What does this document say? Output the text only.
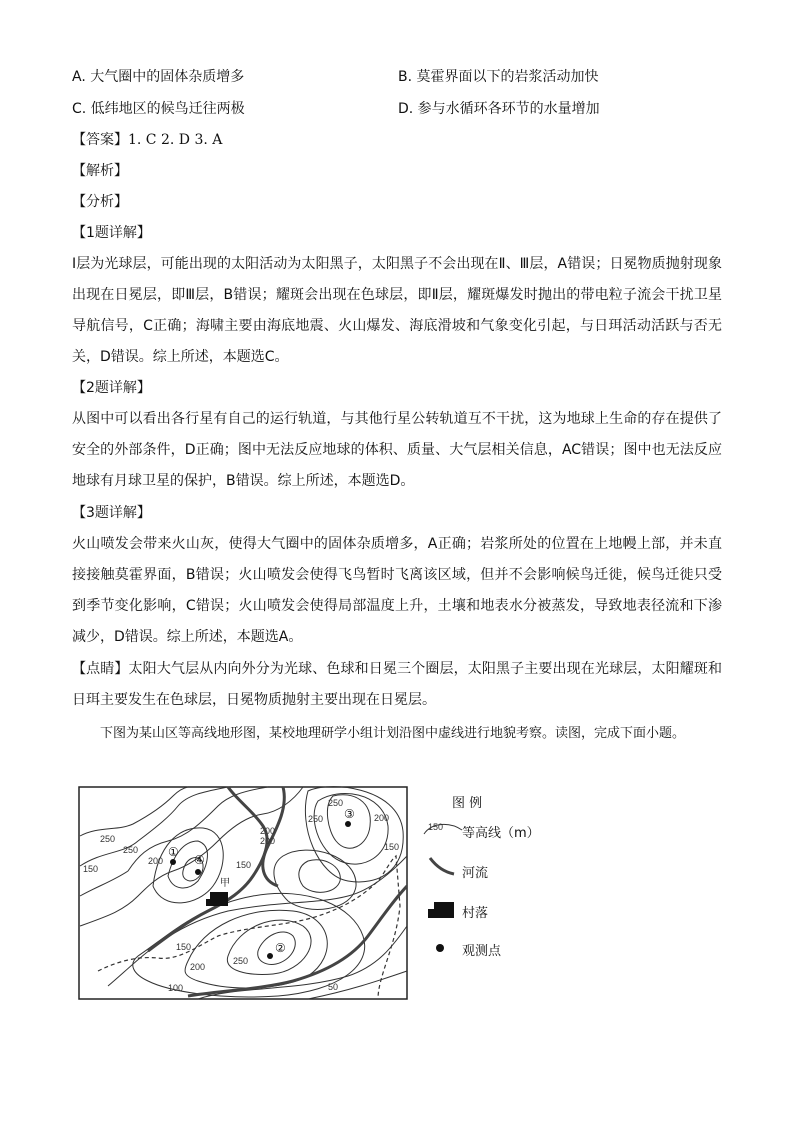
A. 大气圈中的固体杂质增多	B. 莫霍界面以下的岩浆活动加快
C. 低纬地区的候鸟迁往两极	D. 参与水循环各环节的水量增加
【答案】1. C 2. D 3. A
【解析】
【分析】
【1题详解】
Ⅰ层为光球层，可能出现的太阳活动为太阳黑子，太阳黑子不会出现在Ⅱ、Ⅲ层，A错误；日冕物质抛射现象出现在日冕层，即Ⅲ层，B错误；耀斑会出现在色球层，即Ⅱ层，耀斑爆发时抛出的带电粒子流会干扰卫星导航信号，C正确；海啸主要由海底地震、火山爆发、海底滑坡和气象变化引起，与日珥活动活跃与否无关，D错误。综上所述，本题选C。
【2题详解】
从图中可以看出各行星有自己的运行轨道，与其他行星公转轨道互不干扰，这为地球上生命的存在提供了安全的外部条件，D正确；图中无法反应地球的体积、质量、大气层相关信息，AC错误；图中也无法反应地球有月球卫星的保护，B错误。综上所述，本题选D。
【3题详解】
火山喷发会带来火山灰，使得大气圈中的固体杂质增多，A正确；岩浆所处的位置在上地幔上部，并未直接接触莫霍界面，B错误；火山喷发会使得飞鸟暂时飞离该区域，但并不会影响候鸟迁徙，候鸟迁徙只受到季节变化影响，C错误；火山喷发会使得局部温度上升，土壤和地表水分被蒸发，导致地表径流和下渗减少，D错误。综上所述，本题选A。
【点睛】太阳大气层从内向外分为光球、色球和日冕三个圈层，太阳黑子主要出现在光球层，太阳耀斑和日珥主要发生在色球层，日冕物质抛射主要出现在日冕层。
下图为某山区等高线地形图，某校地理研学小组计划沿图中虚线进行地貌考察。读图，完成下面小题。
250
200
250
200
150
250
200
150
250
200
150
100	50
150
200
250
甲
①
②
③
④
图 例
150 等高线（m）
河流
村落
观测点
